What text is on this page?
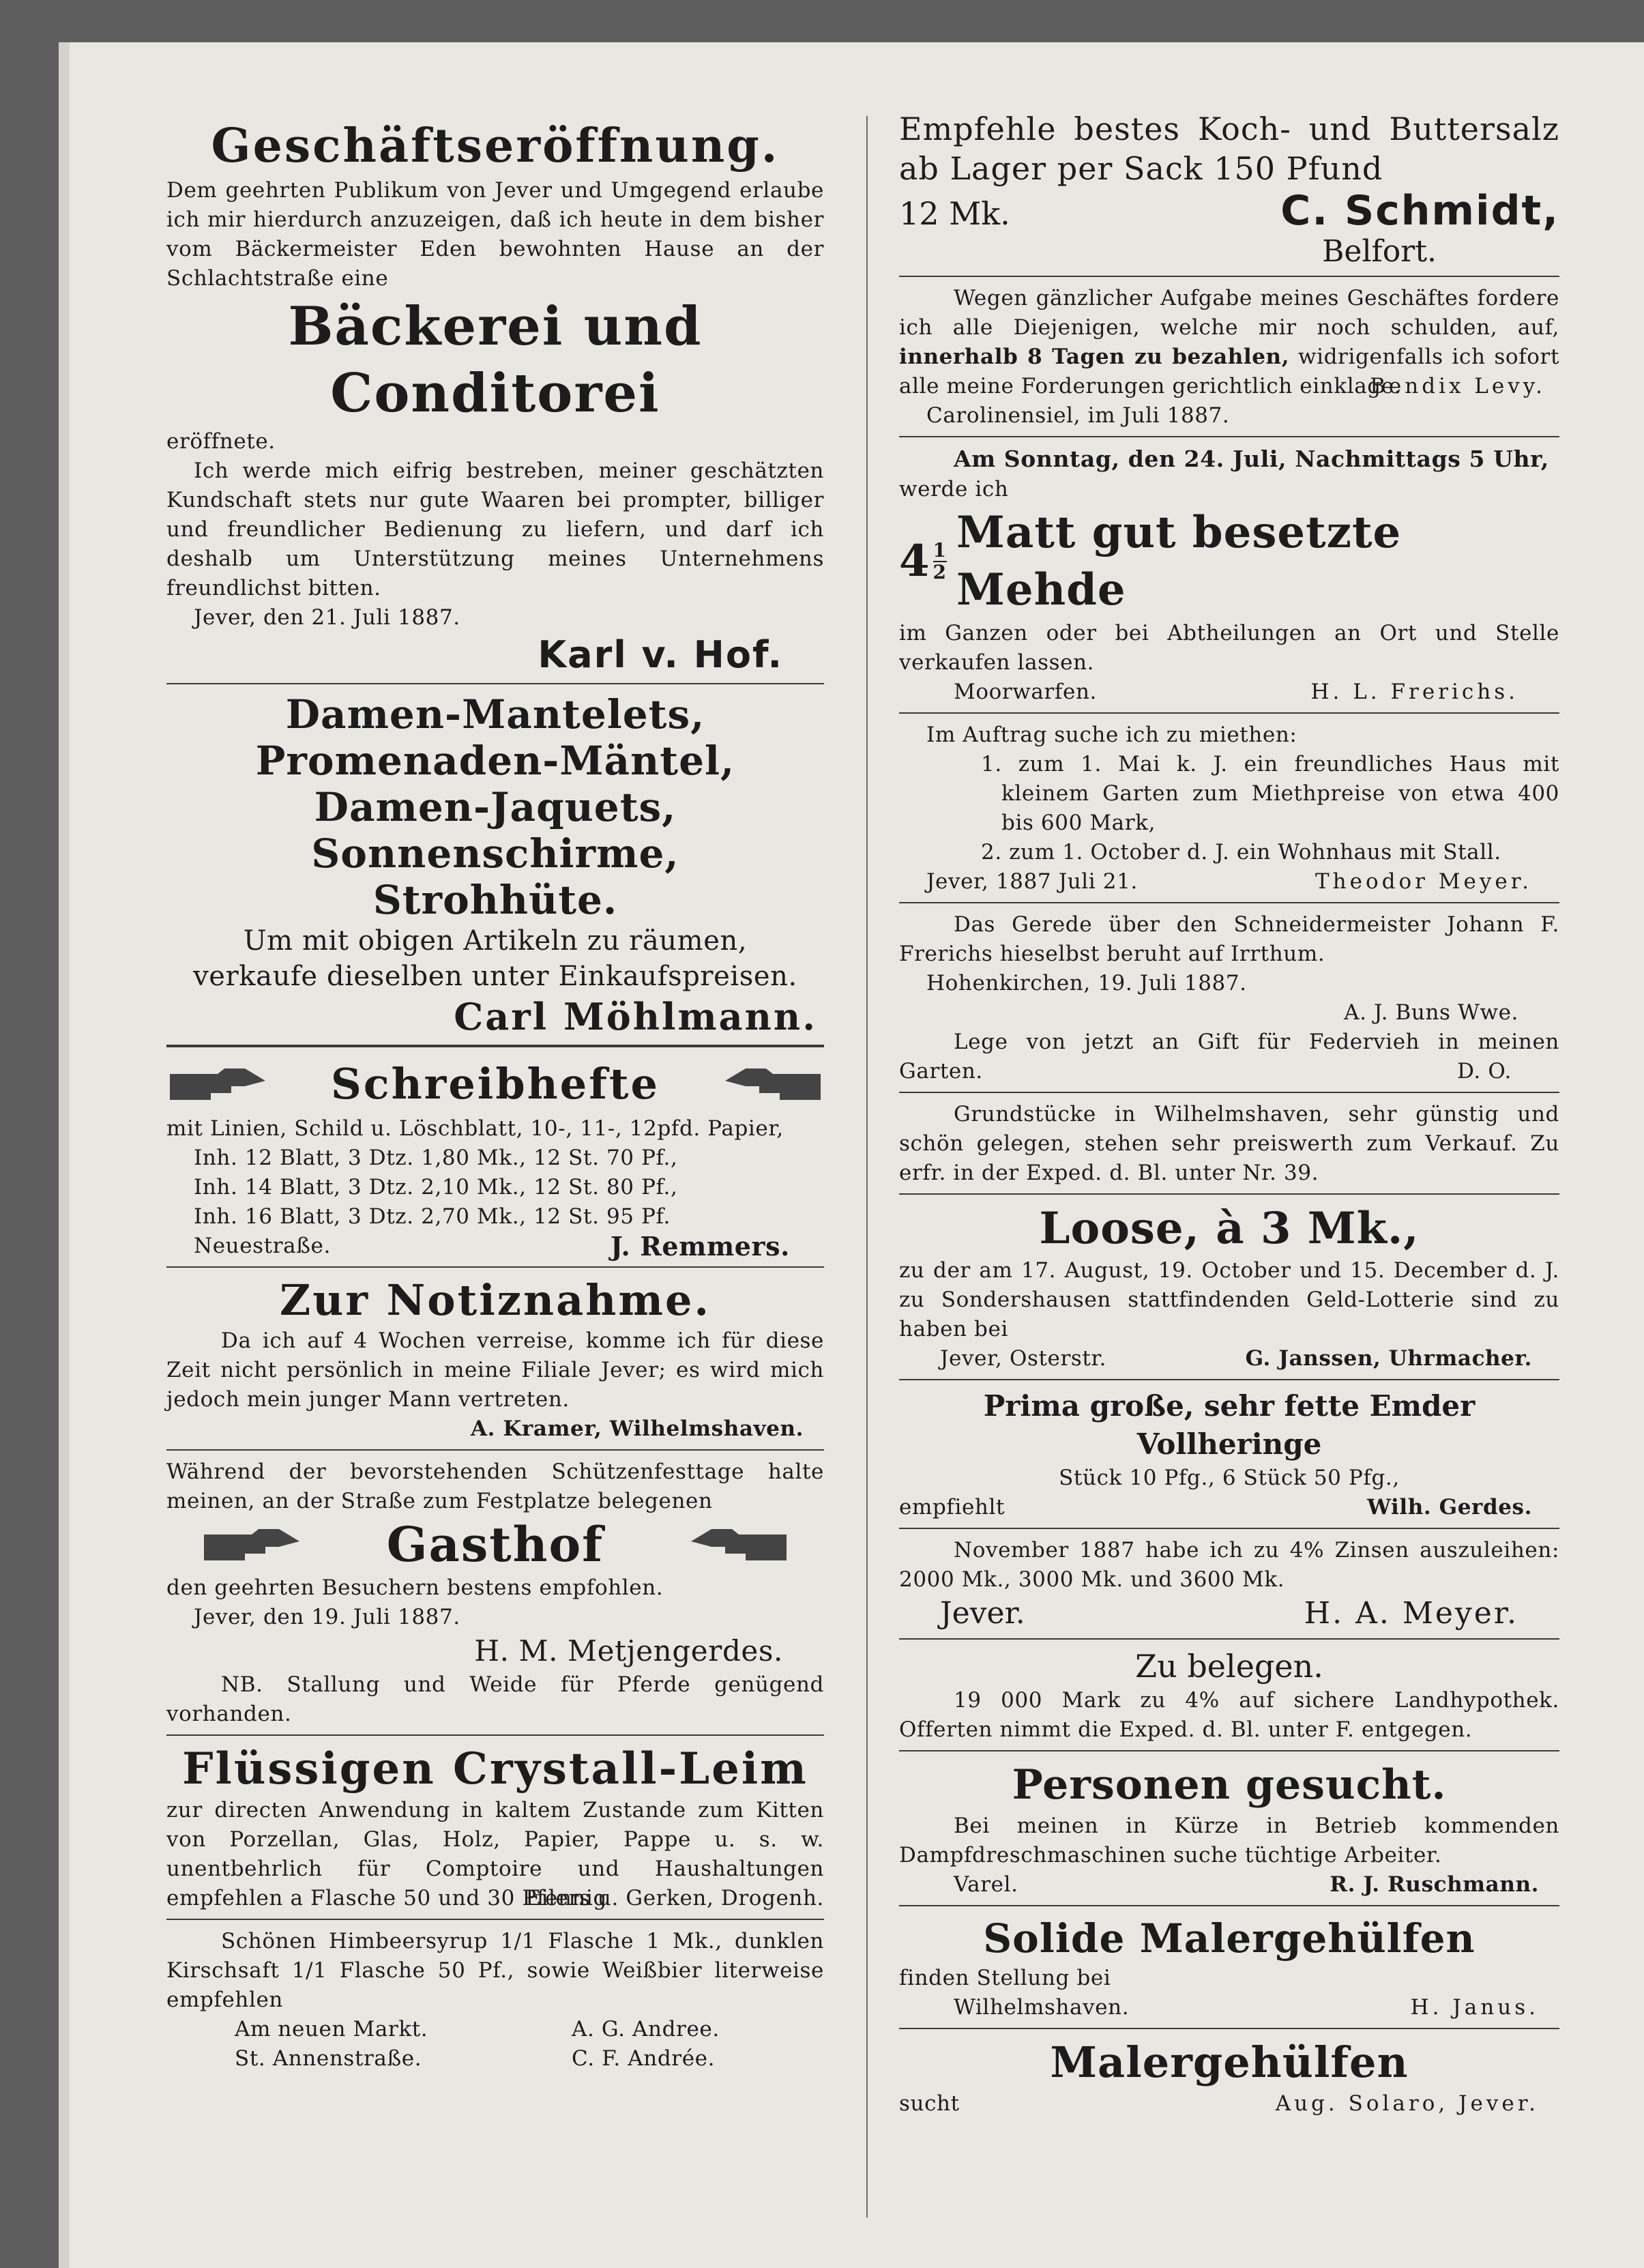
Geschäftseröffnung.
Dem geehrten Publikum von Jever und Umgegend erlaube ich mir hierdurch anzuzeigen, daß ich heute in dem bisher vom Bäckermeister Eden bewohnten Hause an der Schlachtstraße eine
Bäckerei und Conditorei
eröffnete.
Ich werde mich eifrig bestreben, meiner geschätzten Kundschaft stets nur gute Waaren bei prompter, billiger und freundlicher Bedienung zu liefern, und darf ich deshalb um Unterstützung meines Unternehmens freundlichst bitten.
Jever, den 21. Juli 1887.
Karl v. Hof.
Damen-Mantelets,
Promenaden-Mäntel,
Damen-Jaquets,
Sonnenschirme,
Strohhüte.
Um mit obigen Artikeln zu räumen,
verkaufe dieselben unter Einkaufspreisen.
Carl Möhlmann.
Schreibhefte
mit Linien, Schild u. Löschblatt, 10-, 11-, 12pfd. Papier,
Inh. 12 Blatt, 3 Dtz. 1,80 Mk., 12 St. 70 Pf.,
Inh. 14 Blatt, 3 Dtz. 2,10 Mk., 12 St. 80 Pf.,
Inh. 16 Blatt, 3 Dtz. 2,70 Mk., 12 St. 95 Pf.
Neuestraße.	J. Remmers.
Zur Notiznahme.
Da ich auf 4 Wochen verreise, komme ich für diese Zeit nicht persönlich in meine Filiale Jever; es wird mich jedoch mein junger Mann vertreten.
A. Kramer, Wilhelmshaven.
Während der bevorstehenden Schützenfesttage halte meinen, an der Straße zum Festplatze belegenen
Gasthof
den geehrten Besuchern bestens empfohlen.
Jever, den 19. Juli 1887.
H. M. Metjengerdes.
NB. Stallung und Weide für Pferde genügend vorhanden.
Flüssigen Crystall-Leim
zur directen Anwendung in kaltem Zustande zum Kitten von Porzellan, Glas, Holz, Papier, Pappe u. s. w. unentbehrlich für Comptoire und Haushaltungen empfehlen a Flasche 50 und 30 Pfennig
Eilers u. Gerken, Drogenh.
Schönen Himbeersyrup 1/1 Flasche 1 Mk., dunklen Kirschsaft 1/1 Flasche 50 Pf., sowie Weißbier literweise empfehlen
Am neuen Markt.	A. G. Andree.
St. Annenstraße.	C. F. Andrée.
Empfehle bestes Koch- und Buttersalz ab Lager per Sack 150 Pfund
12 Mk.	C. Schmidt,
Belfort.
Wegen gänzlicher Aufgabe meines Geschäftes fordere ich alle Diejenigen, welche mir noch schulden, auf, innerhalb 8 Tagen zu bezahlen, widrigenfalls ich sofort alle meine Forderungen gerichtlich einklage.
Bendix Levy.
Carolinensiel, im Juli 1887.
Am Sonntag, den 24. Juli, Nachmittags 5 Uhr, werde ich
4 1
2
Matt gut besetzte Mehde
im Ganzen oder bei Abtheilungen an Ort und Stelle verkaufen lassen.
Moorwarfen.	H. L. Frerichs.
Im Auftrag suche ich zu miethen:
1. zum 1. Mai k. J. ein freundliches Haus mit kleinem Garten zum Miethpreise von etwa 400 bis 600 Mark,
2. zum 1. October d. J. ein Wohnhaus mit Stall.
Jever, 1887 Juli 21.	Theodor Meyer.
Das Gerede über den Schneidermeister Johann F. Frerichs hieselbst beruht auf Irrthum.
Hohenkirchen, 19. Juli 1887.
A. J. Buns Wwe.
Lege von jetzt an Gift für Federvieh in meinen Garten.	D. O.
Grundstücke in Wilhelmshaven, sehr günstig und schön gelegen, stehen sehr preiswerth zum Verkauf. Zu erfr. in der Exped. d. Bl. unter Nr. 39.
Loose, à 3 Mk.,
zu der am 17. August, 19. October und 15. December d. J. zu Sondershausen stattfindenden Geld-Lotterie sind zu haben bei
Jever, Osterstr.	G. Janssen, Uhrmacher.
Prima große, sehr fette Emder Vollheringe
Stück 10 Pfg., 6 Stück 50 Pfg.,
empfiehlt	Wilh. Gerdes.
November 1887 habe ich zu 4% Zinsen auszuleihen: 2000 Mk., 3000 Mk. und 3600 Mk.
Jever.	H. A. Meyer.
Zu belegen.
19 000 Mark zu 4% auf sichere Landhypothek. Offerten nimmt die Exped. d. Bl. unter F. entgegen.
Personen gesucht.
Bei meinen in Kürze in Betrieb kommenden Dampfdreschmaschinen suche tüchtige Arbeiter.
Varel.	R. J. Ruschmann.
Solide Malergehülfen
finden Stellung bei
Wilhelmshaven.	H. Janus.
Malergehülfen
sucht	Aug. Solaro, Jever.
